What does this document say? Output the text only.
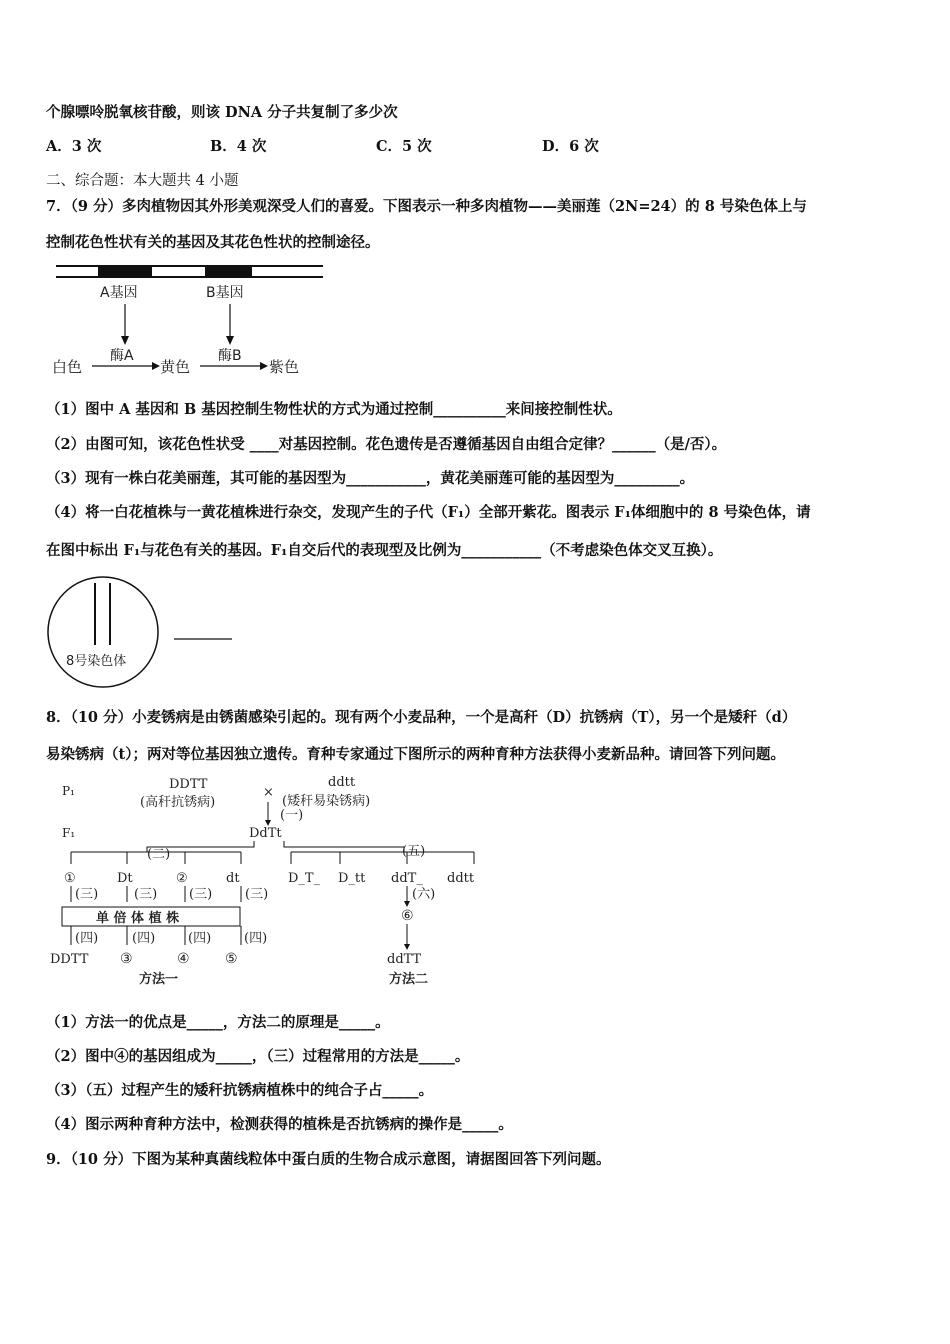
个腺嘌呤脱氧核苷酸，则该 DNA 分子共复制了多少次
A．3 次	B．4 次	C．5 次	D．6 次
二、综合题：本大题共 4 小题
7．（9 分）多肉植物因其外形美观深受人们的喜爱。下图表示一种多肉植物——美丽莲（2N=24）的 8 号染色体上与
控制花色性状有关的基因及其花色性状的控制途径。
A基因	B基因
白色
酶A
黄色
酶B
紫色
（1）图中 A 基因和 B 基因控制生物性状的方式为通过控制__________来间接控制性状。
（2）由图可知，该花色性状受 ____对基因控制。花色遗传是否遵循基因自由组合定律？______（是/否）。
（3）现有一株白花美丽莲，其可能的基因型为___________，黄花美丽莲可能的基因型为_________。
（4）将一白花植株与一黄花植株进行杂交，发现产生的子代（F₁）全部开紫花。图表示 F₁体细胞中的 8 号染色体，请
在图中标出 F₁与花色有关的基因。F₁自交后代的表现型及比例为___________（不考虑染色体交叉互换）。
8号染色体
8．（10 分）小麦锈病是由锈菌感染引起的。现有两个小麦品种，一个是高秆（D）抗锈病（T），另一个是矮秆（d）
易染锈病（t）；两对等位基因独立遗传。育种专家通过下图所示的两种育种方法获得小麦新品种。请回答下列问题。
P₁	DDTT
(高秆抗锈病)
×
ddtt
(矮秆易染锈病)
(一)
F₁	DdTt
(二)	(五)
①	Dt	②	dt	D_T_ D_tt ddT_ ddtt
(三)	(三) (三)	(三)	(六)
单 倍 体 植 株	⑥
(四)	(四)	(四)	(四)
DDTT ③	④	⑤	ddTT
方法一	方法二
（1）方法一的优点是_____，方法二的原理是_____。
（2）图中④的基因组成为_____，（三）过程常用的方法是_____。
（3）（五）过程产生的矮秆抗锈病植株中的纯合子占_____。
（4）图示两种育种方法中，检测获得的植株是否抗锈病的操作是_____。
9．（10 分）下图为某种真菌线粒体中蛋白质的生物合成示意图，请据图回答下列问题。
